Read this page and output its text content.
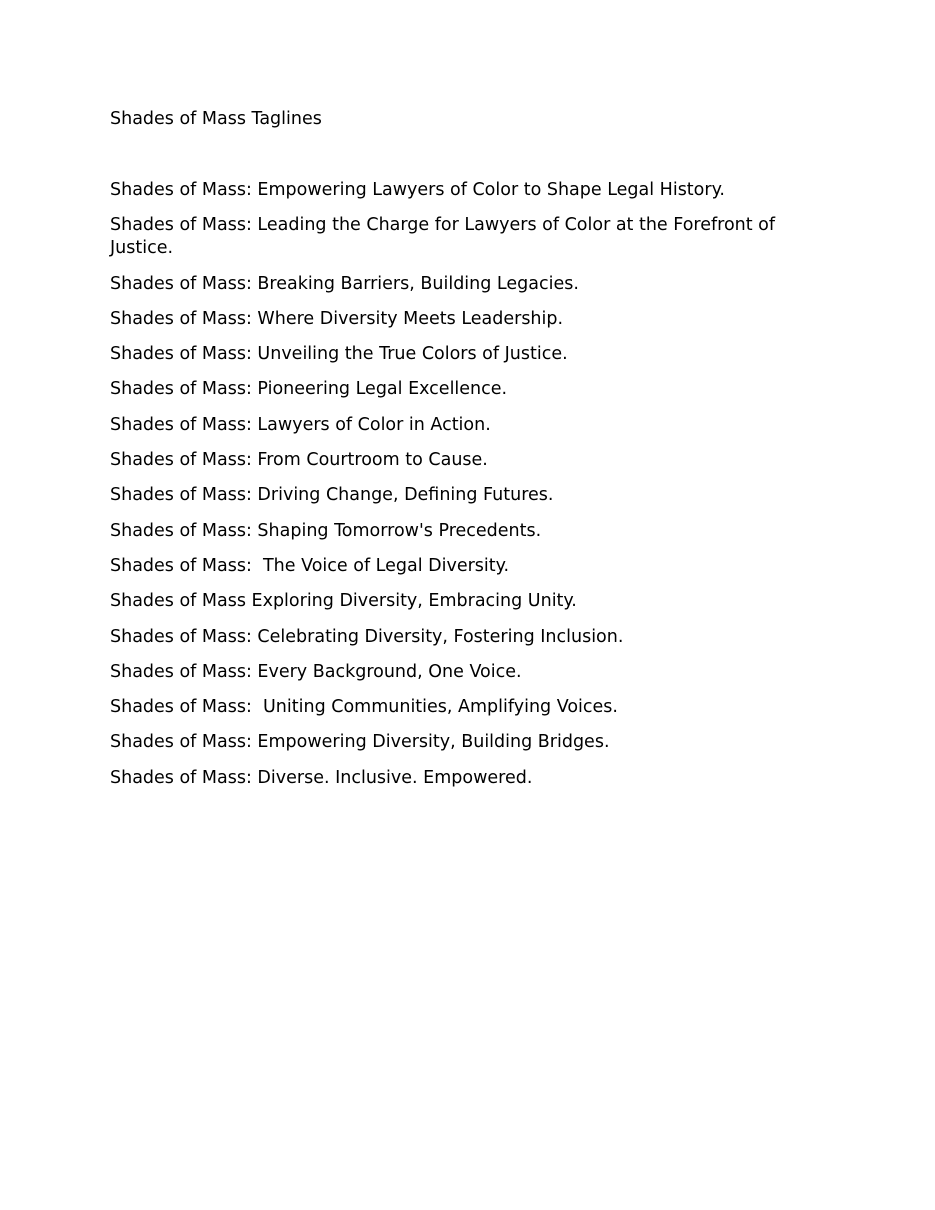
Shades of Mass Taglines

Shades of Mass: Empowering Lawyers of Color to Shape Legal History.
Shades of Mass: Leading the Charge for Lawyers of Color at the Forefront of Justice.
Shades of Mass: Breaking Barriers, Building Legacies.
Shades of Mass: Where Diversity Meets Leadership.
Shades of Mass: Unveiling the True Colors of Justice.
Shades of Mass: Pioneering Legal Excellence.
Shades of Mass: Lawyers of Color in Action.
Shades of Mass: From Courtroom to Cause.
Shades of Mass: Driving Change, Defining Futures.
Shades of Mass: Shaping Tomorrow's Precedents.
Shades of Mass:  The Voice of Legal Diversity.
Shades of Mass Exploring Diversity, Embracing Unity.
Shades of Mass: Celebrating Diversity, Fostering Inclusion.
Shades of Mass: Every Background, One Voice.
Shades of Mass:  Uniting Communities, Amplifying Voices.
Shades of Mass: Empowering Diversity, Building Bridges.
Shades of Mass: Diverse. Inclusive. Empowered.
